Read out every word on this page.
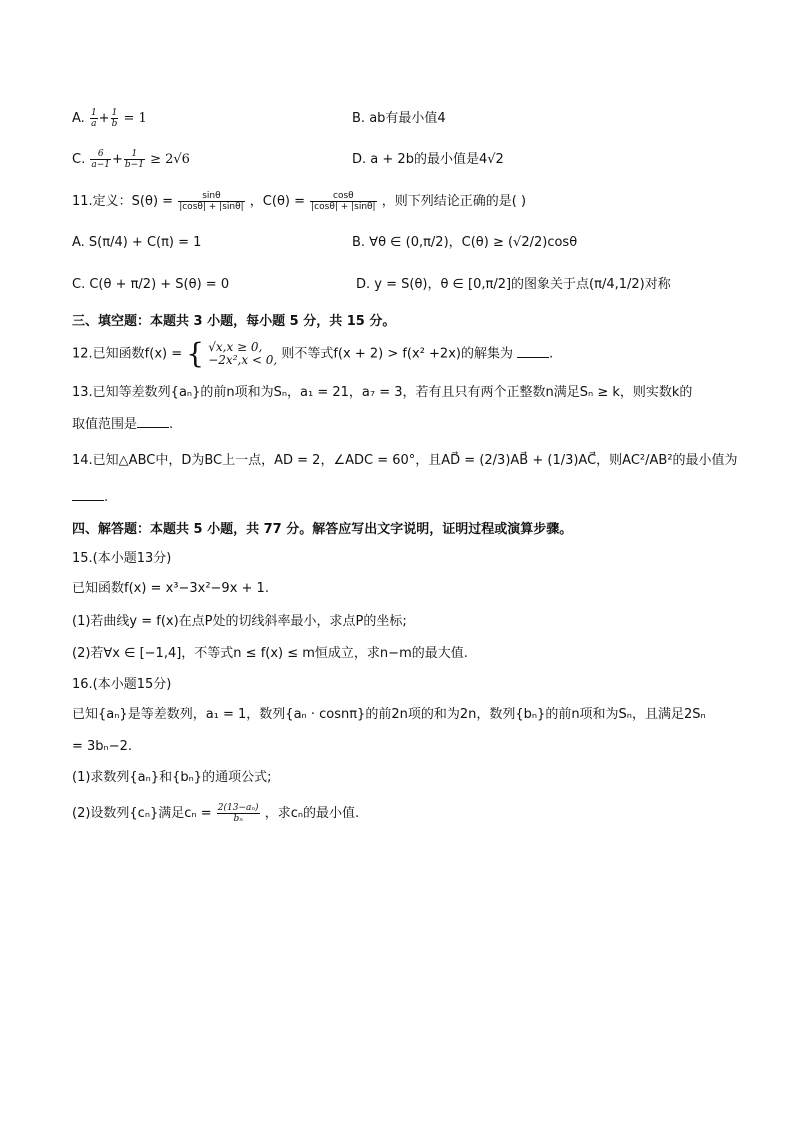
A. $\frac{1}{a} + \frac{1}{b} = 1$	B. ab有最小值4
C. $\frac{6}{a-1} + \frac{1}{b-1} \ge 2√6$	D. a + 2b的最小值是4√2
11.定义：$S(\theta) = \frac{\sin\theta}{|\cos\theta| + |\sin\theta|}$ ，$C(\theta) = \frac{\cos\theta}{|\cos\theta| + |\sin\theta|}$ ，则下列结论正确的是( )
A. S(π/4) + C(π) = 1	B. ∀θ ∈ (0,π/2)，C(θ) ≥ (√2/2)cosθ
C. C(θ + π/2) + S(θ) = 0	D. y = S(θ)，θ ∈ [0,π/2]的图象关于点(π/4,1/2)对称
三、填空题：本题共 3 小题，每小题 5 分，共 15 分。
12.已知函数f(x) = { √x,x ≥ 0,
−2x²,x < 0, 则不等式f(x + 2) > f(x² +2x)的解集为	.
13.已知等差数列{aₙ}的前n项和为Sₙ，a₁ = 21，a₇ = 3，若有且只有两个正整数n满足Sₙ ≥ k，则实数k的
取值范围是 .
14.已知△ABC中，D为BC上一点，AD = 2，∠ADC = 60°，且AD⃗ = (2/3)AB⃗ + (1/3)AC⃗，则AC²/AB²的最小值为
.
四、解答题：本题共 5 小题，共 77 分。解答应写出文字说明，证明过程或演算步骤。
15.(本小题13分)
已知函数f(x) = x³−3x²−9x + 1.
(1)若曲线y = f(x)在点P处的切线斜率最小，求点P的坐标;
(2)若∀x ∈ [−1,4]，不等式n ≤ f(x) ≤ m恒成立，求n−m的最大值.
16.(本小题15分)
已知{aₙ}是等差数列，a₁ = 1，数列{aₙ · cosnπ}的前2n项的和为2n，数列{bₙ}的前n项和为Sₙ，且满足2Sₙ
= 3bₙ−2.
(1)求数列{aₙ}和{bₙ}的通项公式;
(2)设数列{cₙ}满足$c_n = \frac{\text{2(13−aₙ)}}{\text{bₙ}}$ ，求cₙ的最小值.
